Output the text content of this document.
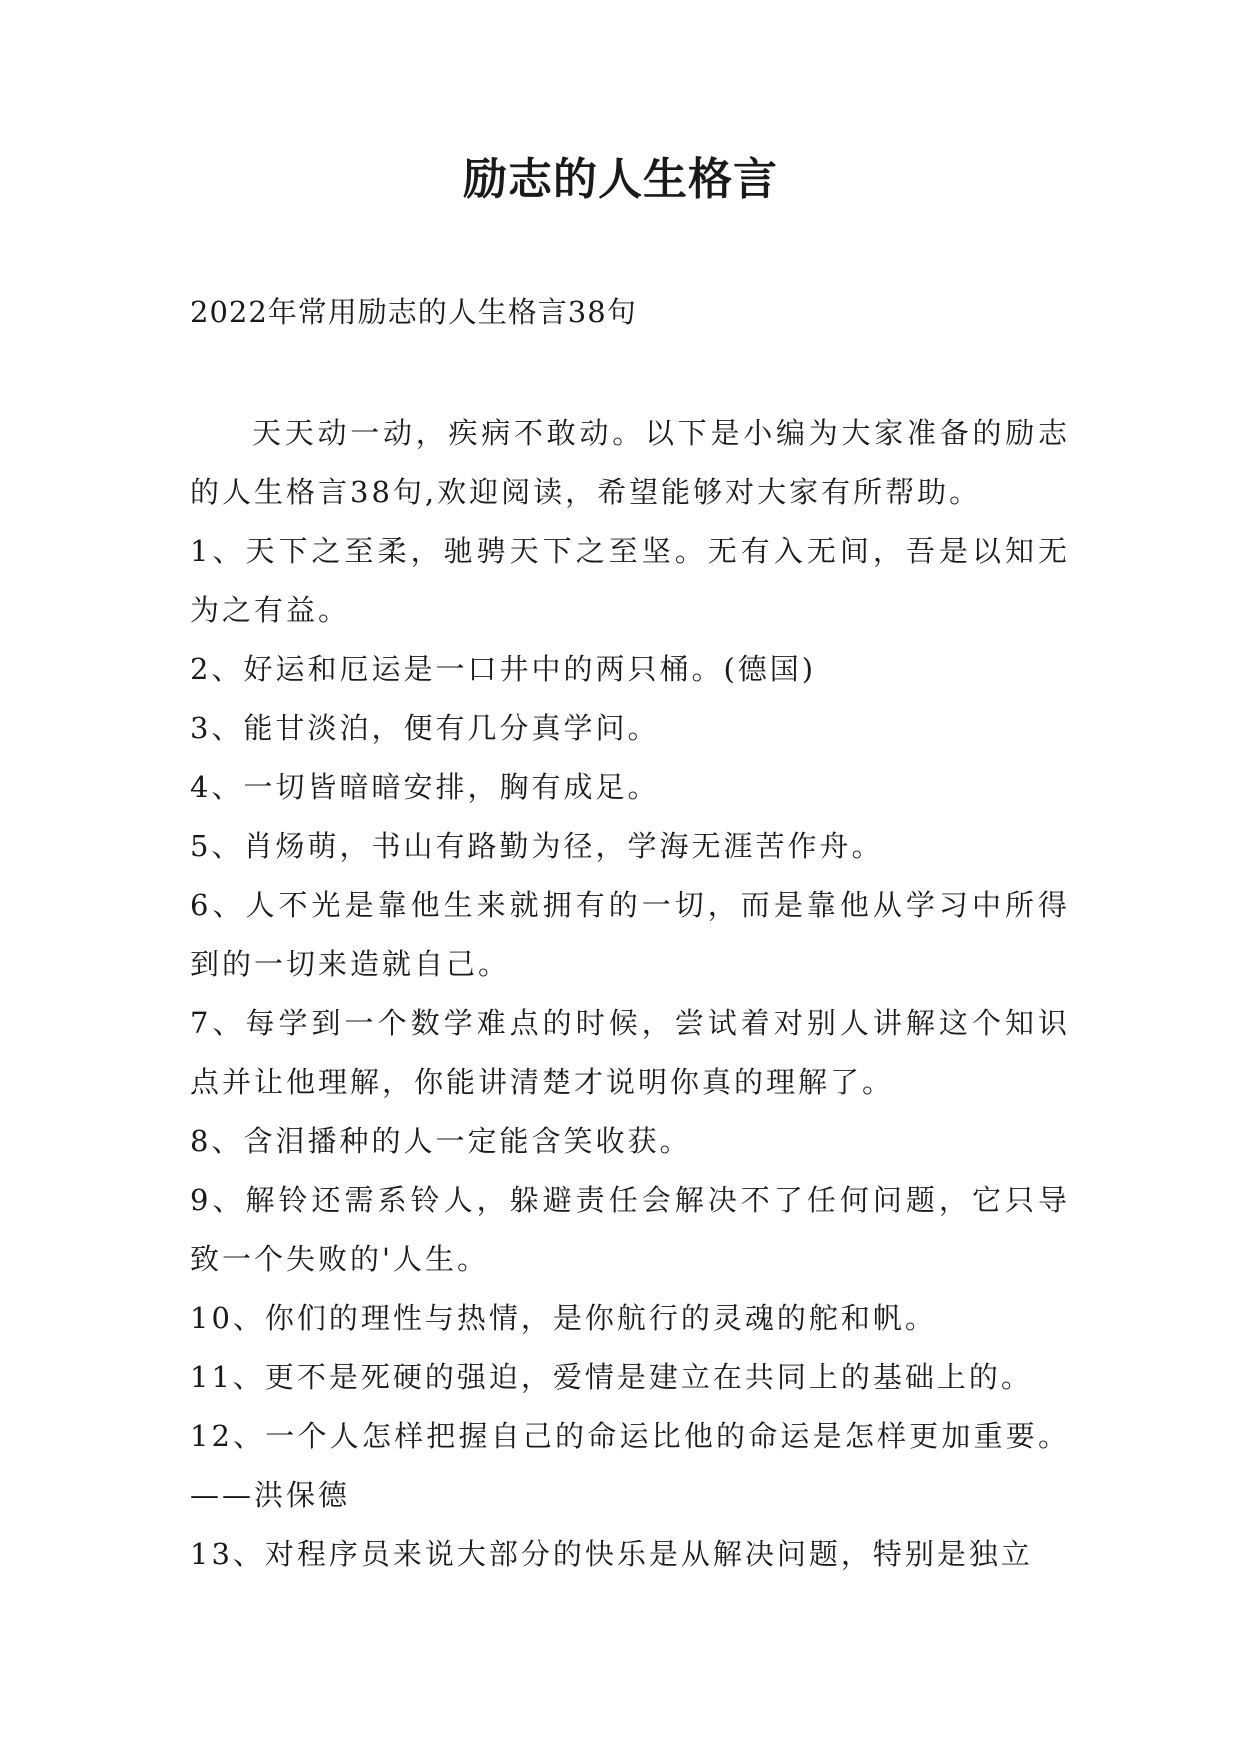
励志的人生格言
2022年常用励志的人生格言38句

天天动一动，疾病不敢动。以下是小编为大家准备的励志的人生格言38句,欢迎阅读，希望能够对大家有所帮助。

1、天下之至柔，驰骋天下之至坚。无有入无间，吾是以知无为之有益。

2、好运和厄运是一口井中的两只桶。(德国)

3、能甘淡泊，便有几分真学问。

4、一切皆暗暗安排，胸有成足。

5、肖炀萌，书山有路勤为径，学海无涯苦作舟。

6、人不光是靠他生来就拥有的一切，而是靠他从学习中所得到的一切来造就自己。

7、每学到一个数学难点的时候，尝试着对别人讲解这个知识点并让他理解，你能讲清楚才说明你真的理解了。

8、含泪播种的人一定能含笑收获。

9、解铃还需系铃人，躲避责任会解决不了任何问题，它只导致一个失败的'人生。

10、你们的理性与热情，是你航行的灵魂的舵和帆。

11、更不是死硬的强迫，爱情是建立在共同上的基础上的。

12、一个人怎样把握自己的命运比他的命运是怎样更加重要。——洪保德

13、对程序员来说大部分的快乐是从解决问题，特别是独立
